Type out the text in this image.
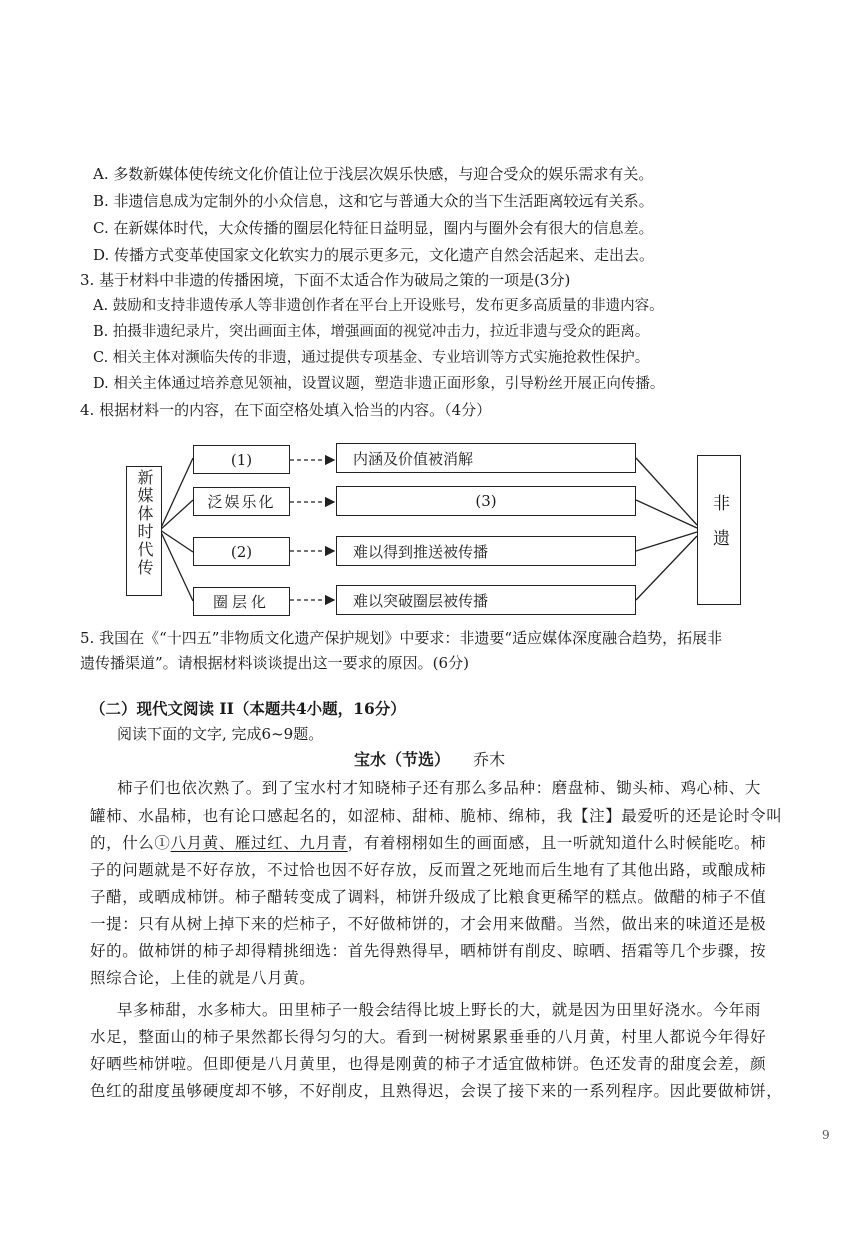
A. 多数新媒体使传统文化价值让位于浅层次娱乐快感，与迎合受众的娱乐需求有关。
B. 非遗信息成为定制外的小众信息，这和它与普通大众的当下生活距离较远有关系。
C. 在新媒体时代，大众传播的圈层化特征日益明显，圈内与圈外会有很大的信息差。
D. 传播方式变革使国家文化软实力的展示更多元，文化遗产自然会活起来、走出去。
3. 基于材料中非遗的传播困境，下面不太适合作为破局之策的一项是(3分)
A. 鼓励和支持非遗传承人等非遗创作者在平台上开设账号，发布更多高质量的非遗内容。
B. 拍摄非遗纪录片，突出画面主体，增强画面的视觉冲击力，拉近非遗与受众的距离。
C. 相关主体对濒临失传的非遗，通过提供专项基金、专业培训等方式实施抢救性保护。
D. 相关主体通过培养意见领袖，设置议题，塑造非遗正面形象，引导粉丝开展正向传播。
4. 根据材料一的内容，在下面空格处填入恰当的内容。（4分）
新媒体时代传
(1)
泛娱乐化
(2)
圈层化
内涵及价值被消解
(3)
难以得到推送被传播
难以突破圈层被传播
非遗
5. 我国在《“十四五”非物质文化遗产保护规划》中要求：非遗要“适应媒体深度融合趋势，拓展非
遗传播渠道”。请根据材料谈谈提出这一要求的原因。(6分)
（二）现代文阅读 II（本题共4小题，16分）
阅读下面的文字, 完成6~9题。
宝水（节选） 乔木
柿子们也依次熟了。到了宝水村才知晓柿子还有那么多品种：磨盘柿、锄头柿、鸡心柿、大
罐柿、水晶柿，也有论口感起名的，如涩柿、甜柿、脆柿、绵柿，我【注】最爱听的还是论时令叫
的，什么①八月黄、雁过红、九月青，有着栩栩如生的画面感，且一听就知道什么时候能吃。柿
子的问题就是不好存放，不过恰也因不好存放，反而置之死地而后生地有了其他出路，或酿成柿
子醋，或晒成柿饼。柿子醋转变成了调料，柿饼升级成了比粮食更稀罕的糕点。做醋的柿子不值
一提：只有从树上掉下来的烂柿子，不好做柿饼的，才会用来做醋。当然，做出来的味道还是极
好的。做柿饼的柿子却得精挑细选：首先得熟得早，晒柿饼有削皮、晾晒、捂霜等几个步骤，按
照综合论，上佳的就是八月黄。
早多柿甜，水多柿大。田里柿子一般会结得比坡上野长的大，就是因为田里好浇水。今年雨
水足，整面山的柿子果然都长得匀匀的大。看到一树树累累垂垂的八月黄，村里人都说今年得好
好晒些柿饼啦。但即便是八月黄里，也得是刚黄的柿子才适宜做柿饼。色还发青的甜度会差，颜
色红的甜度虽够硬度却不够，不好削皮，且熟得迟，会误了接下来的一系列程序。因此要做柿饼，
9
